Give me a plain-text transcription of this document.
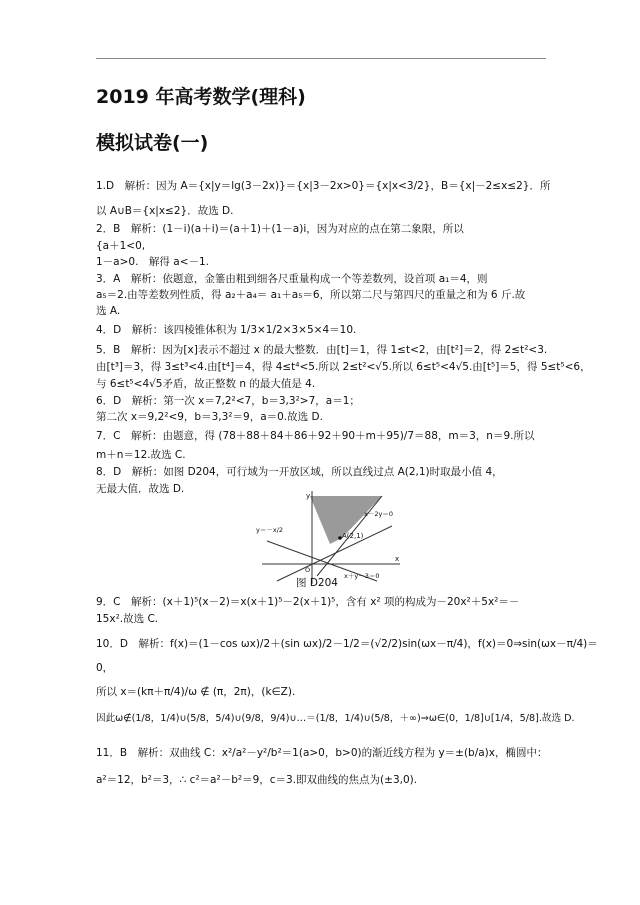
2019 年高考数学(理科)
模拟试卷(一)
1.D　解析：因为 A＝{x|y＝lg(3－2x)}＝{x|3－2x>0}＝{x|x<3/2}，B＝{x|－2≤x≤2}．所
以 A∪B＝{x|x≤2}．故选 D.
2．B　解析：(1－i)(a＋i)＝(a＋1)＋(1－a)i，因为对应的点在第二象限，所以
{a＋1<0,
1－a>0.　解得 a<－1.
3．A　解析：依题意，金箠由粗到细各尺重量构成一个等差数列，设首项 a₁＝4，则
a₅＝2.由等差数列性质，得 a₂＋a₄＝ a₁＋a₅＝6，所以第二尺与第四尺的重量之和为 6 斤.故
选 A.
4．D　解析：该四棱锥体积为 1/3×1/2×3×5×4＝10.
5．B　解析：因为[x]表示不超过 x 的最大整数．由[t]＝1，得 1≤t<2，由[t²]＝2，得 2≤t²<3.
由[t³]＝3，得 3≤t³<4.由[t⁴]＝4，得 4≤t⁴<5.所以 2≤t²<√5.所以 6≤t⁵<4√5.由[t⁵]＝5，得 5≤t⁵<6，
与 6≤t⁵<4√5矛盾，故正整数 n 的最大值是 4.
6．D　解析：第一次 x＝7,2²<7，b＝3,3²>7，a＝1；
第二次 x＝9,2²<9，b＝3,3²＝9，a＝0.故选 D.
7．C　解析：由题意，得 (78＋88＋84＋86＋92＋90＋m＋95)/7＝88，m＝3，n＝9.所以
m＋n＝12.故选 C.
8．D　解析：如图 D204，可行域为一开放区域，所以直线过点 A(2,1)时取最小值 4，
无最大值．故选 D.
y
x
O
A(2,1)
x－2y＝0
y＝－x/2
x＋y－3＝0
图 D204
9．C　解析：(x＋1)⁵(x－2)＝x(x＋1)⁵－2(x＋1)⁵，含有 x² 项的构成为－20x²＋5x²＝－
15x².故选 C.
10．D　解析：f(x)＝(1－cos ωx)/2＋(sin ωx)/2－1/2＝(√2/2)sin(ωx－π/4)，f(x)＝0⇒sin(ωx－π/4)＝
0，
所以 x＝(kπ＋π/4)/ω ∉ (π，2π)，(k∈Z).
因此ω∉(1/8，1/4)∪(5/8，5/4)∪(9/8，9/4)∪…＝(1/8，1/4)∪(5/8，＋∞)⇒ω∈(0，1/8]∪[1/4，5/8].故选 D.
11．B　解析：双曲线 C：x²/a²－y²/b²＝1(a>0，b>0)的渐近线方程为 y＝±(b/a)x，椭圆中：
a²＝12，b²＝3，∴ c²＝a²－b²＝9，c＝3.即双曲线的焦点为(±3,0).
